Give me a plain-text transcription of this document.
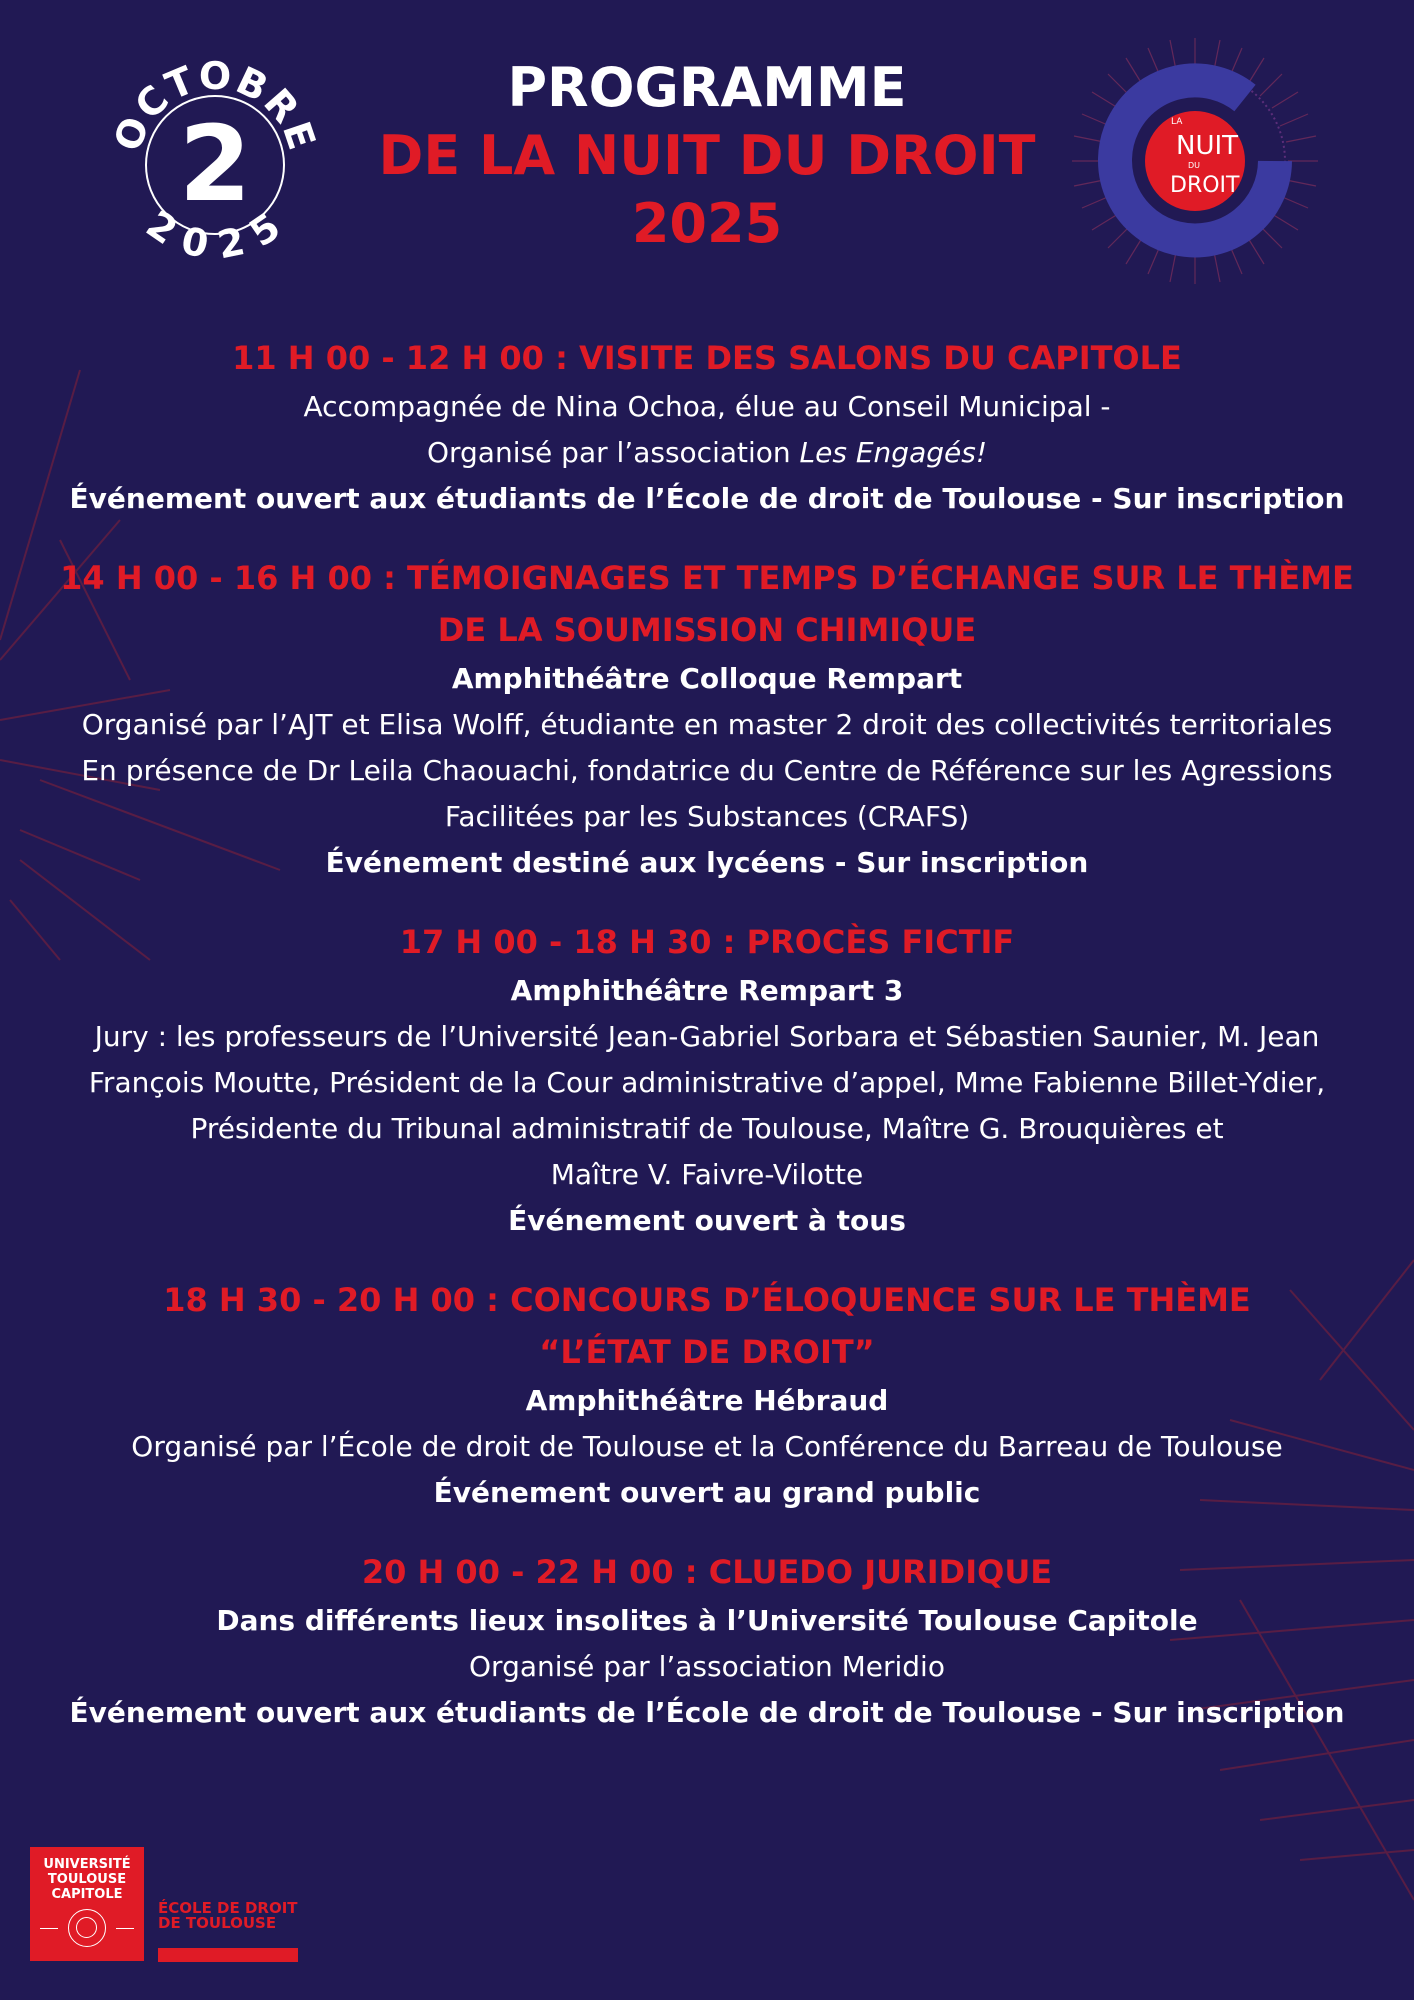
OCTOBRE
2025
2
PROGRAMME
DE LA NUIT DU DROIT
2025
LA
NUIT
DU
DROIT

11 H 00 - 12 H 00 : VISITE DES SALONS DU CAPITOLE

Accompagnée de Nina Ochoa, élue au Conseil Municipal -

Organisé par l’association Les Engagés!

Événement ouvert aux étudiants de l’École de droit de Toulouse - Sur inscription

14 H 00 - 16 H 00 : TÉMOIGNAGES ET TEMPS D’ÉCHANGE SUR LE THÈME

DE LA SOUMISSION CHIMIQUE

Amphithéâtre Colloque Rempart

Organisé par l’AJT et Elisa Wolff, étudiante en master 2 droit des collectivités territoriales

En présence de Dr Leila Chaouachi, fondatrice du Centre de Référence sur les Agressions

Facilitées par les Substances (CRAFS)

Événement destiné aux lycéens - Sur inscription

17 H 00 - 18 H 30 : PROCÈS FICTIF

Amphithéâtre Rempart 3

Jury : les professeurs de l’Université Jean-Gabriel Sorbara et Sébastien Saunier, M. Jean

François Moutte, Président de la Cour administrative d’appel, Mme Fabienne Billet-Ydier,

Présidente du Tribunal administratif de Toulouse, Maître G. Brouquières et

Maître V. Faivre-Vilotte

Événement ouvert à tous

18 H 30 - 20 H 00 : CONCOURS D’ÉLOQUENCE SUR LE THÈME

“L’ÉTAT DE DROIT”

Amphithéâtre Hébraud

Organisé par l’École de droit de Toulouse et la Conférence du Barreau de Toulouse

Événement ouvert au grand public

20 H 00 - 22 H 00 : CLUEDO JURIDIQUE

Dans différents lieux insolites à l’Université Toulouse Capitole

Organisé par l’association Meridio

Événement ouvert aux étudiants de l’École de droit de Toulouse - Sur inscription

UNIVERSITÉ
TOULOUSE
CAPITOLE
ÉCOLE DE DROIT
DE TOULOUSE
